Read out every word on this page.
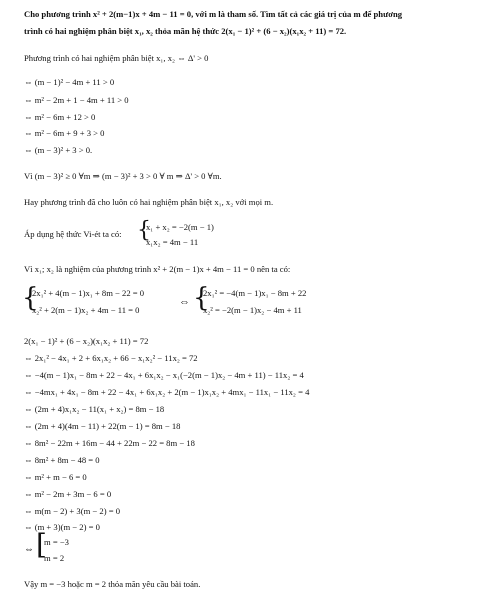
Cho phương trình x² + 2(m−1)x + 4m − 11 = 0, với m là tham số. Tìm tất cả các giá trị của m để phương
trình có hai nghiệm phân biệt x₁, x₂ thỏa mãn hệ thức 2(x₁ − 1)² + (6 − x₂)(x₁x₂ + 11) = 72.
Phương trình có hai nghiệm phân biệt x₁, x₂ ⇔ Δ' > 0
⇔ (m − 1)² − 4m + 11 > 0
⇔ m² − 2m + 1 − 4m + 11 > 0
⇔ m² − 6m + 12 > 0
⇔ m² − 6m + 9 + 3 > 0
⇔ (m − 3)² + 3 > 0.
Vì (m − 3)² ≥ 0 ∀m ⇒ (m − 3)² + 3 > 0 ∀ m ⇒ Δ' > 0 ∀m.
Hay phương trình đã cho luôn có hai nghiệm phân biệt x₁, x₂ với mọi m.
Áp dụng hệ thức Vi-ét ta có: {
x₁ + x₂ = −2(m − 1)
x₁x₂ = 4m − 11
Vì x₁; x₂ là nghiệm của phương trình x² + 2(m − 1)x + 4m − 11 = 0 nên ta có:
{
2x₁² + 4(m − 1)x₁ + 8m − 22 = 0
x₂² + 2(m − 1)x₂ + 4m − 11 = 0
⇔ {
2x₁² = −4(m − 1)x₁ − 8m + 22
x₂² = −2(m − 1)x₂ − 4m + 11
2(x₁ − 1)² + (6 − x₂)(x₁x₂ + 11) = 72
⇔ 2x₁² − 4x₁ + 2 + 6x₁x₂ + 66 − x₁x₂² − 11x₂ = 72
⇔ −4(m − 1)x₁ − 8m + 22 − 4x₁ + 6x₁x₂ − x₁(−2(m − 1)x₂ − 4m + 11) − 11x₂ = 4
⇔ −4mx₁ + 4x₁ − 8m + 22 − 4x₁ + 6x₁x₂ + 2(m − 1)x₁x₂ + 4mx₁ − 11x₁ − 11x₂ = 4
⇔ (2m + 4)x₁x₂ − 11(x₁ + x₂) = 8m − 18
⇔ (2m + 4)(4m − 11) + 22(m − 1) = 8m − 18
⇔ 8m² − 22m + 16m − 44 + 22m − 22 = 8m − 18
⇔ 8m² + 8m − 48 = 0
⇔ m² + m − 6 = 0
⇔ m² − 2m + 3m − 6 = 0
⇔ m(m − 2) + 3(m − 2) = 0
⇔ (m + 3)(m − 2) = 0
⇔ [
m = −3
m = 2
Vậy m = −3 hoặc m = 2 thỏa mãn yêu cầu bài toán.
